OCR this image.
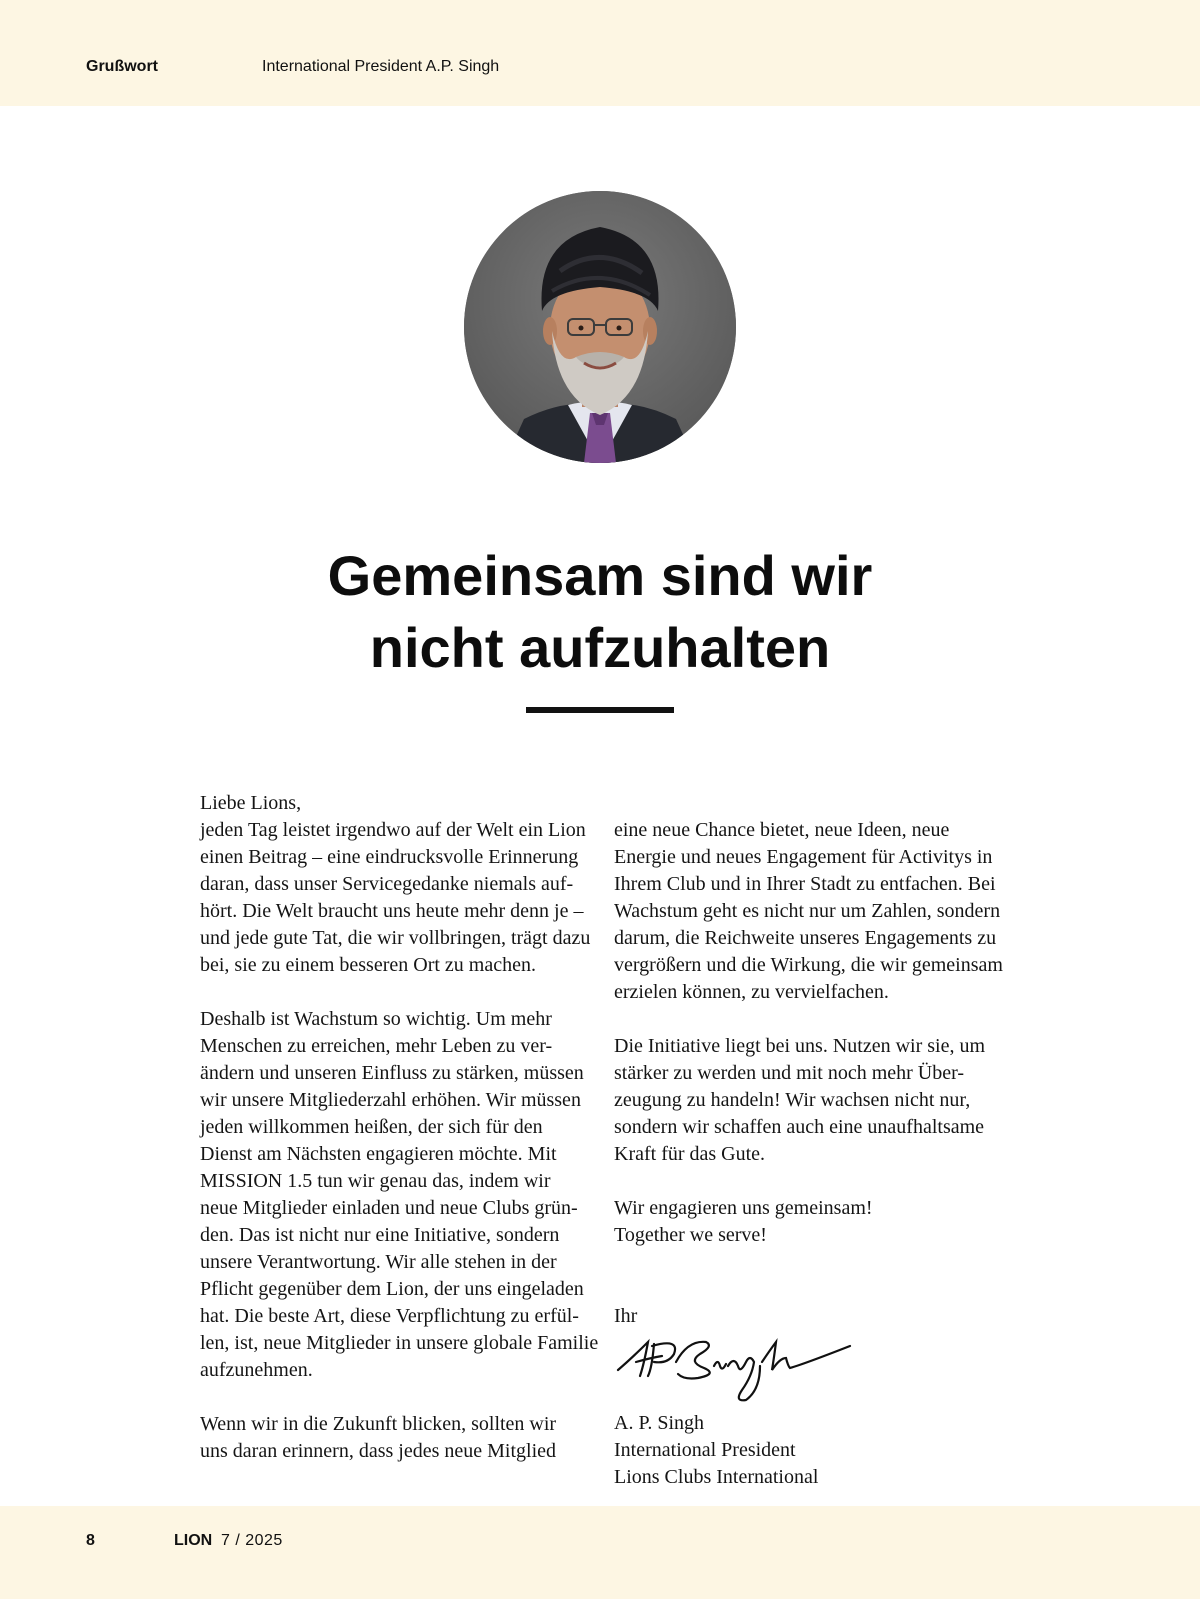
Grußwort	International President A.P. Singh
Gemeinsam sind wir
nicht aufzuhalten
Liebe Lions,
jeden Tag leistet irgendwo auf der Welt ein Lion
einen Beitrag – eine eindrucksvolle Erinnerung
daran, dass unser Servicegedanke niemals auf-
hört. Die Welt braucht uns heute mehr denn je –
und jede gute Tat, die wir vollbringen, trägt dazu
bei, sie zu einem besseren Ort zu machen.
Deshalb ist Wachstum so wichtig. Um mehr
Menschen zu erreichen, mehr Leben zu ver-
ändern und unseren Einfluss zu stärken, müssen
wir unsere Mitgliederzahl erhöhen. Wir müssen
jeden willkommen heißen, der sich für den
Dienst am Nächsten engagieren möchte. Mit
MISSION 1.5 tun wir genau das, indem wir
neue Mitglieder einladen und neue Clubs grün-
den. Das ist nicht nur eine Initiative, sondern
unsere Verantwortung. Wir alle stehen in der
Pflicht gegenüber dem Lion, der uns eingeladen
hat. Die beste Art, diese Verpflichtung zu erfül-
len, ist, neue Mitglieder in unsere globale Familie
aufzunehmen.
Wenn wir in die Zukunft blicken, sollten wir
uns daran erinnern, dass jedes neue Mitglied
eine neue Chance bietet, neue Ideen, neue
Energie und neues Engagement für Activitys in
Ihrem Club und in Ihrer Stadt zu entfachen. Bei
Wachstum geht es nicht nur um Zahlen, sondern
darum, die Reichweite unseres Engagements zu
vergrößern und die Wirkung, die wir gemeinsam
erzielen können, zu vervielfachen.
Die Initiative liegt bei uns. Nutzen wir sie, um
stärker zu werden und mit noch mehr Über-
zeugung zu handeln! Wir wachsen nicht nur,
sondern wir schaffen auch eine unaufhaltsame
Kraft für das Gute.
Wir engagieren uns gemeinsam!
Together we serve!
Ihr
A. P. Singh
International President
Lions Clubs International
8	LION 7 / 2025
